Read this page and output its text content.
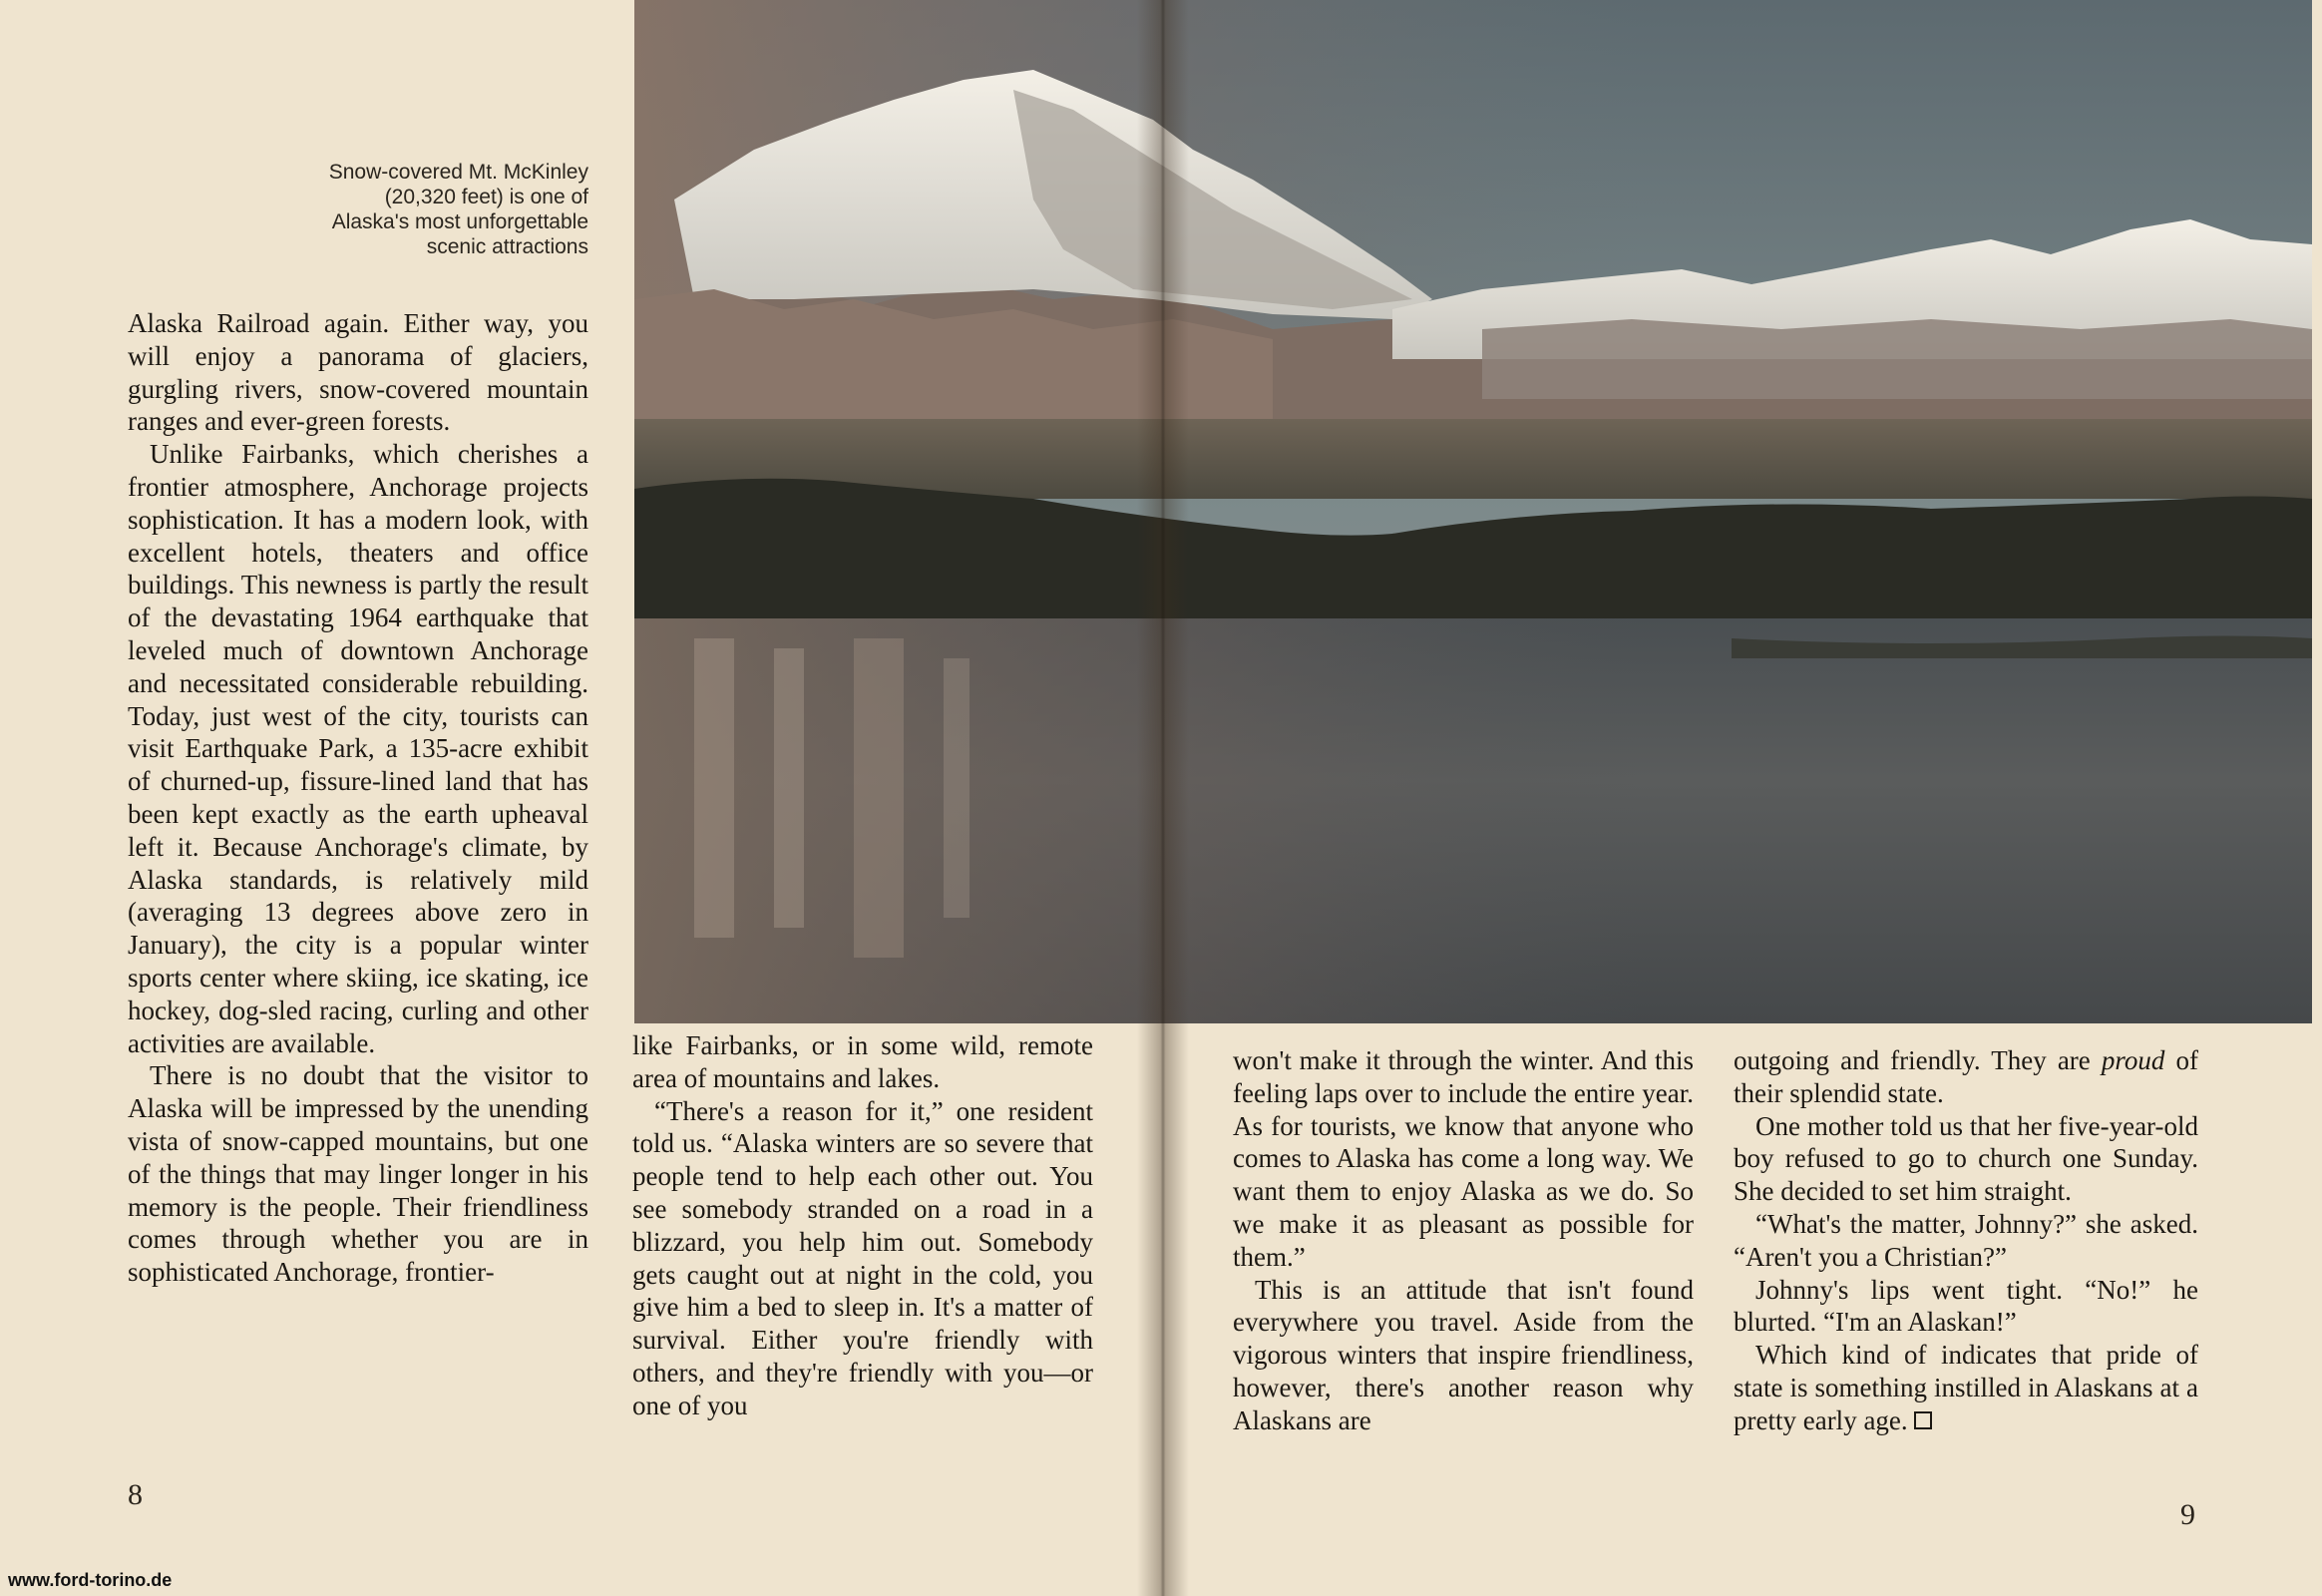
Snow-covered Mt. McKinley
(20,320 feet) is one of
Alaska's most unforgettable
scenic attractions

Alaska Railroad again. Either way, you will enjoy a panorama of glaciers, gurgling rivers, snow-covered mountain ranges and ever-green forests.

Unlike Fairbanks, which cherishes a frontier atmosphere, Anchorage projects sophistication. It has a modern look, with excellent hotels, theaters and office buildings. This newness is partly the result of the devastating 1964 earthquake that leveled much of downtown Anchorage and necessitated considerable rebuilding. Today, just west of the city, tourists can visit Earthquake Park, a 135-acre exhibit of churned-up, fissure-lined land that has been kept exactly as the earth upheaval left it. Because Anchorage's climate, by Alaska standards, is relatively mild (averaging 13 degrees above zero in January), the city is a popular winter sports center where skiing, ice skating, ice hockey, dog-sled racing, curling and other activities are available.

There is no doubt that the visitor to Alaska will be impressed by the unending vista of snow-capped mountains, but one of the things that may linger longer in his memory is the people. Their friendliness comes through whether you are in sophisticated Anchorage, frontier-

like Fairbanks, or in some wild, remote area of mountains and lakes.

“There's a reason for it,” one resident told us. “Alaska winters are so severe that people tend to help each other out. You see somebody stranded on a road in a blizzard, you help him out. Somebody gets caught out at night in the cold, you give him a bed to sleep in. It's a matter of survival. Either you're friendly with others, and they're friendly with you—or one of you

won't make it through the winter. And this feeling laps over to include the entire year. As for tourists, we know that anyone who comes to Alaska has come a long way. We want them to enjoy Alaska as we do. So we make it as pleasant as possible for them.”

This is an attitude that isn't found everywhere you travel. Aside from the vigorous winters that inspire friendliness, however, there's another reason why Alaskans are

outgoing and friendly. They are proud of their splendid state.

One mother told us that her five-year-old boy refused to go to church one Sunday. She decided to set him straight.

“What's the matter, Johnny?” she asked. “Aren't you a Christian?”

Johnny's lips went tight. “No!” he blurted. “I'm an Alaskan!”

Which kind of indicates that pride of state is something instilled in Alaskans at a pretty early age.

8
9
www.ford-torino.de
